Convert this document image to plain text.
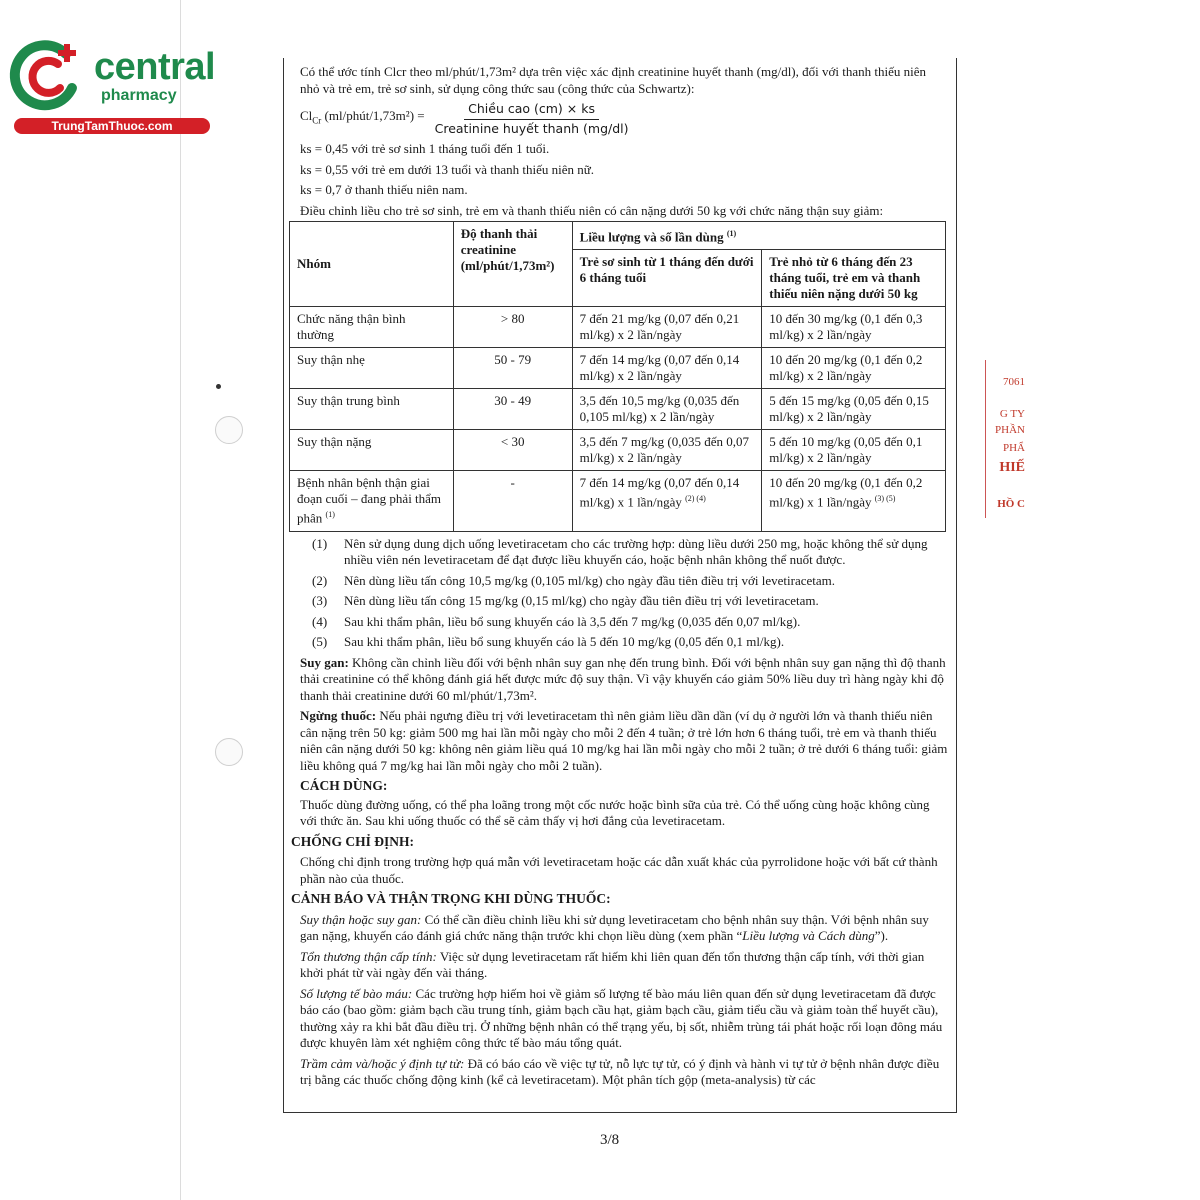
central
pharmacy
TrungTamThuoc.com
7061
G TY
PHẦN
PHẨ
HIẾ
HỒ C

Có thể ước tính Clcr theo ml/phút/1,73m² dựa trên việc xác định creatinine huyết thanh (mg/dl), đối với thanh thiếu niên nhỏ và trẻ em, trẻ sơ sinh, sử dụng công thức sau (công thức của Schwartz):

$Cl_{Cr}$ (ml/phút/1,73m²) = $\frac{\text{Chiều cao (cm) × ks}}{\text{Creatinine huyết thanh (mg/dl)}}$

ks = 0,45 với trẻ sơ sinh 1 tháng tuổi đến 1 tuổi.

ks = 0,55 với trẻ em dưới 13 tuổi và thanh thiếu niên nữ.

ks = 0,7 ở thanh thiếu niên nam.

Điều chỉnh liều cho trẻ sơ sinh, trẻ em và thanh thiếu niên có cân nặng dưới 50 kg với chức năng thận suy giảm:

Nhóm	Độ thanh thải creatinine (ml/phút/1,73m²)	Liều lượng và số lần dùng $^{(1)}$
		Trẻ sơ sinh từ 1 tháng đến dưới 6 tháng tuổi	Trẻ nhỏ từ 6 tháng đến 23 tháng tuổi, trẻ em và thanh thiếu niên nặng dưới 50 kg
Chức năng thận bình thường	> 80	7 đến 21 mg/kg (0,07 đến 0,21 ml/kg) x 2 lần/ngày	10 đến 30 mg/kg (0,1 đến 0,3 ml/kg) x 2 lần/ngày
Suy thận nhẹ	50 - 79	7 đến 14 mg/kg (0,07 đến 0,14 ml/kg) x 2 lần/ngày	10 đến 20 mg/kg (0,1 đến 0,2 ml/kg) x 2 lần/ngày
Suy thận trung bình	30 - 49	3,5 đến 10,5 mg/kg (0,035 đến 0,105 ml/kg) x 2 lần/ngày	5 đến 15 mg/kg (0,05 đến 0,15 ml/kg) x 2 lần/ngày
Suy thận nặng	< 30	3,5 đến 7 mg/kg (0,035 đến 0,07 ml/kg) x 2 lần/ngày	5 đến 10 mg/kg (0,05 đến 0,1 ml/kg) x 2 lần/ngày
Bệnh nhân bệnh thận giai đoạn cuối – đang phải thẩm phân $^{(1)}$	-	7 đến 14 mg/kg (0,07 đến 0,14 ml/kg) x 1 lần/ngày $^{(2) (4)}$	10 đến 20 mg/kg (0,1 đến 0,2 ml/kg) x 1 lần/ngày $^{(3) (5)}$
(1)	Nên sử dụng dung dịch uống levetiracetam cho các trường hợp: dùng liều dưới 250 mg, hoặc không thể sử dụng nhiều viên nén levetiracetam để đạt được liều khuyến cáo, hoặc bệnh nhân không thể nuốt được.
(2)	Nên dùng liều tấn công 10,5 mg/kg (0,105 ml/kg) cho ngày đầu tiên điều trị với levetiracetam.
(3)	Nên dùng liều tấn công 15 mg/kg (0,15 ml/kg) cho ngày đầu tiên điều trị với levetiracetam.
(4)	Sau khi thẩm phân, liều bổ sung khuyến cáo là 3,5 đến 7 mg/kg (0,035 đến 0,07 ml/kg).
(5)	Sau khi thẩm phân, liều bổ sung khuyến cáo là 5 đến 10 mg/kg (0,05 đến 0,1 ml/kg).

Suy gan: Không cần chỉnh liều đối với bệnh nhân suy gan nhẹ đến trung bình. Đối với bệnh nhân suy gan nặng thì độ thanh thải creatinine có thể không đánh giá hết được mức độ suy thận. Vì vậy khuyến cáo giảm 50% liều duy trì hàng ngày khi độ thanh thải creatinine dưới 60 ml/phút/1,73m².

Ngừng thuốc: Nếu phải ngưng điều trị với levetiracetam thì nên giảm liều dần dần (ví dụ ở người lớn và thanh thiếu niên cân nặng trên 50 kg: giảm 500 mg hai lần mỗi ngày cho mỗi 2 đến 4 tuần; ở trẻ lớn hơn 6 tháng tuổi, trẻ em và thanh thiếu niên cân nặng dưới 50 kg: không nên giảm liều quá 10 mg/kg hai lần mỗi ngày cho mỗi 2 tuần; ở trẻ dưới 6 tháng tuổi: giảm liều không quá 7 mg/kg hai lần mỗi ngày cho mỗi 2 tuần).

CÁCH DÙNG:

Thuốc dùng đường uống, có thể pha loãng trong một cốc nước hoặc bình sữa của trẻ. Có thể uống cùng hoặc không cùng với thức ăn. Sau khi uống thuốc có thể sẽ cảm thấy vị hơi đắng của levetiracetam.

CHỐNG CHỈ ĐỊNH:

Chống chỉ định trong trường hợp quá mẫn với levetiracetam hoặc các dẫn xuất khác của pyrrolidone hoặc với bất cứ thành phần nào của thuốc.

CẢNH BÁO VÀ THẬN TRỌNG KHI DÙNG THUỐC:

Suy thận hoặc suy gan: Có thể cần điều chỉnh liều khi sử dụng levetiracetam cho bệnh nhân suy thận. Với bệnh nhân suy gan nặng, khuyến cáo đánh giá chức năng thận trước khi chọn liều dùng (xem phần “Liều lượng và Cách dùng”).

Tổn thương thận cấp tính: Việc sử dụng levetiracetam rất hiếm khi liên quan đến tổn thương thận cấp tính, với thời gian khởi phát từ vài ngày đến vài tháng.

Số lượng tế bào máu: Các trường hợp hiếm hoi về giảm số lượng tế bào máu liên quan đến sử dụng levetiracetam đã được báo cáo (bao gồm: giảm bạch cầu trung tính, giảm bạch cầu hạt, giảm bạch cầu, giảm tiểu cầu và giảm toàn thể huyết cầu), thường xảy ra khi bắt đầu điều trị. Ở những bệnh nhân có thể trạng yếu, bị sốt, nhiễm trùng tái phát hoặc rối loạn đông máu được khuyên làm xét nghiệm công thức tế bào máu tổng quát.

Trầm cảm và/hoặc ý định tự tử: Đã có báo cáo về việc tự tử, nỗ lực tự tử, có ý định và hành vi tự tử ở bệnh nhân được điều trị bằng các thuốc chống động kinh (kể cả levetiracetam). Một phân tích gộp (meta-analysis) từ các

3/8
